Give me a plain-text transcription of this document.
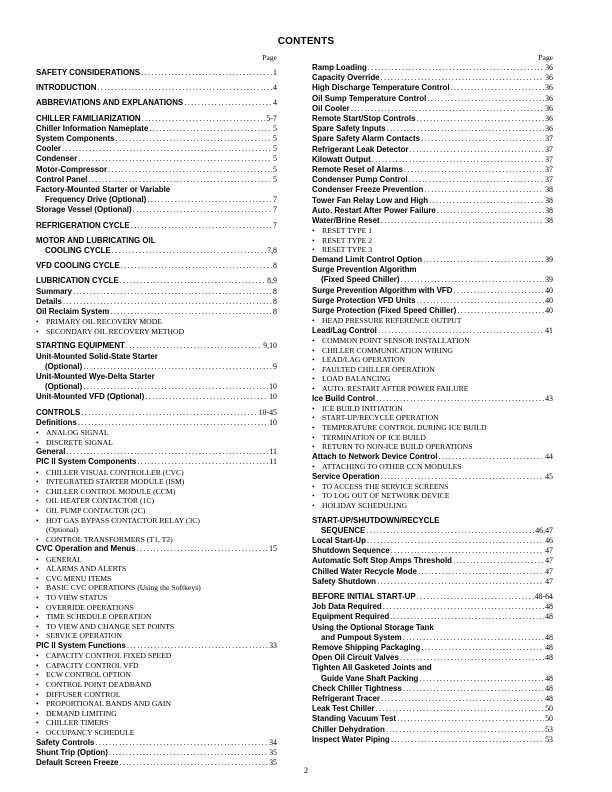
CONTENTS
Page
SAFETY CONSIDERATIONS .....	1
INTRODUCTION .....	4
ABBREVIATIONS AND EXPLANATIONS .....	4
CHILLER FAMILIARIZATION .....	5-7
Chiller Information Nameplate .....	5
System Components .....	5
Cooler .....	5
Condenser .....	5
Motor-Compressor .....	5
Control Panel .....	5
Factory-Mounted Starter or Variable
Frequency Drive (Optional) .....	7
Storage Vessel (Optional) .....	7
REFRIGERATION CYCLE .....	7
MOTOR AND LUBRICATING OIL
COOLING CYCLE .....	7,8
VFD COOLING CYCLE .....	8
LUBRICATION CYCLE .....	8,9
Summary .....	8
Details .....	8
Oil Reclaim System .....	8
• PRIMARY OIL RECOVERY MODE
• SECONDARY OIL RECOVERY METHOD
STARTING EQUIPMENT .....	9,10
Unit-Mounted Solid-State Starter
(Optional) .....	9
Unit-Mounted Wye-Delta Starter
(Optional) .....	10
Unit-Mounted VFD (Optional) .....	10
CONTROLS .....	10-45
Definitions .....	10
• ANALOG SIGNAL
• DISCRETE SIGNAL
General .....	11
PIC II System Components .....	11
• CHILLER VISUAL CONTROLLER (CVC)
• INTEGRATED STARTER MODULE (ISM)
• CHILLER CONTROL MODULE (CCM)
• OIL HEATER CONTACTOR (1C)
• OIL PUMP CONTACTOR (2C)
• HOT GAS BYPASS CONTACTOR RELAY (3C)
(Optional)
• CONTROL TRANSFORMERS (T1, T2)
CVC Operation and Menus .....	15
• GENERAL
• ALARMS AND ALERTS
• CVC MENU ITEMS
• BASIC CVC OPERATIONS (Using the Softkeys)
• TO VIEW STATUS
• OVERRIDE OPERATIONS
• TIME SCHEDULE OPERATION
• TO VIEW AND CHANGE SET POINTS
• SERVICE OPERATION
PIC II System Functions .....	33
• CAPACITY CONTROL FIXED SPEED
• CAPACITY CONTROL VFD
• ECW CONTROL OPTION
• CONTROL POINT DEADBAND
• DIFFUSER CONTROL
• PROPORTIONAL BANDS AND GAIN
• DEMAND LIMITING
• CHILLER TIMERS
• OCCUPANCY SCHEDULE
Safety Controls .....	34
Shunt Trip (Option) .....	35
Default Screen Freeze .....	35
Page
Ramp Loading .....	36
Capacity Override .....	36
High Discharge Temperature Control .....	36
Oil Sump Temperature Control .....	36
Oil Cooler .....	36
Remote Start/Stop Controls .....	36
Spare Safety Inputs .....	36
Spare Safety Alarm Contacts .....	37
Refrigerant Leak Detector .....	37
Kilowatt Output .....	37
Remote Reset of Alarms .....	37
Condenser Pump Control .....	37
Condenser Freeze Prevention .....	38
Tower Fan Relay Low and High .....	38
Auto. Restart After Power Failure .....	38
Water/Brine Reset .....	38
• RESET TYPE 1
• RESET TYPE 2
• RESET TYPE 3
Demand Limit Control Option .....	39
Surge Prevention Algorithm
(Fixed Speed Chiller) .....	39
Surge Prevention Algorithm with VFD .....	40
Surge Protection VFD Units .....	40
Surge Protection (Fixed Speed Chiller) .....	40
• HEAD PRESSURE REFERENCE OUTPUT
Lead/Lag Control .....	41
• COMMON POINT SENSOR INSTALLATION
• CHILLER COMMUNICATION WIRING
• LEAD/LAG OPERATION
• FAULTED CHILLER OPERATION
• LOAD BALANCING
• AUTO. RESTART AFTER POWER FAILURE
Ice Build Control .....	43
• ICE BUILD INITIATION
• START-UP/RECYCLE OPERATION
• TEMPERATURE CONTROL DURING ICE BUILD
• TERMINATION OF ICE BUILD
• RETURN TO NON-ICE BUILD OPERATIONS
Attach to Network Device Control .....	44
• ATTACHING TO OTHER CCN MODULES
Service Operation .....	45
• TO ACCESS THE SERVICE SCREENS
• TO LOG OUT OF NETWORK DEVICE
• HOLIDAY SCHEDULING
START-UP/SHUTDOWN/RECYCLE
SEQUENCE .....	46,47
Local Start-Up .....	46
Shutdown Sequence .....	47
Automatic Soft Stop Amps Threshold .....	47
Chilled Water Recycle Mode .....	47
Safety Shutdown .....	47
BEFORE INITIAL START-UP .....	48-64
Job Data Required .....	48
Equipment Required .....	48
Using the Optional Storage Tank
and Pumpout System .....	48
Remove Shipping Packaging .....	48
Open Oil Circuit Valves .....	48
Tighten All Gasketed Joints and
Guide Vane Shaft Packing .....	48
Check Chiller Tightness .....	48
Refrigerant Tracer .....	48
Leak Test Chiller .....	50
Standing Vacuum Test .....	50
Chiller Dehydration .....	53
Inspect Water Piping .....	53
2
